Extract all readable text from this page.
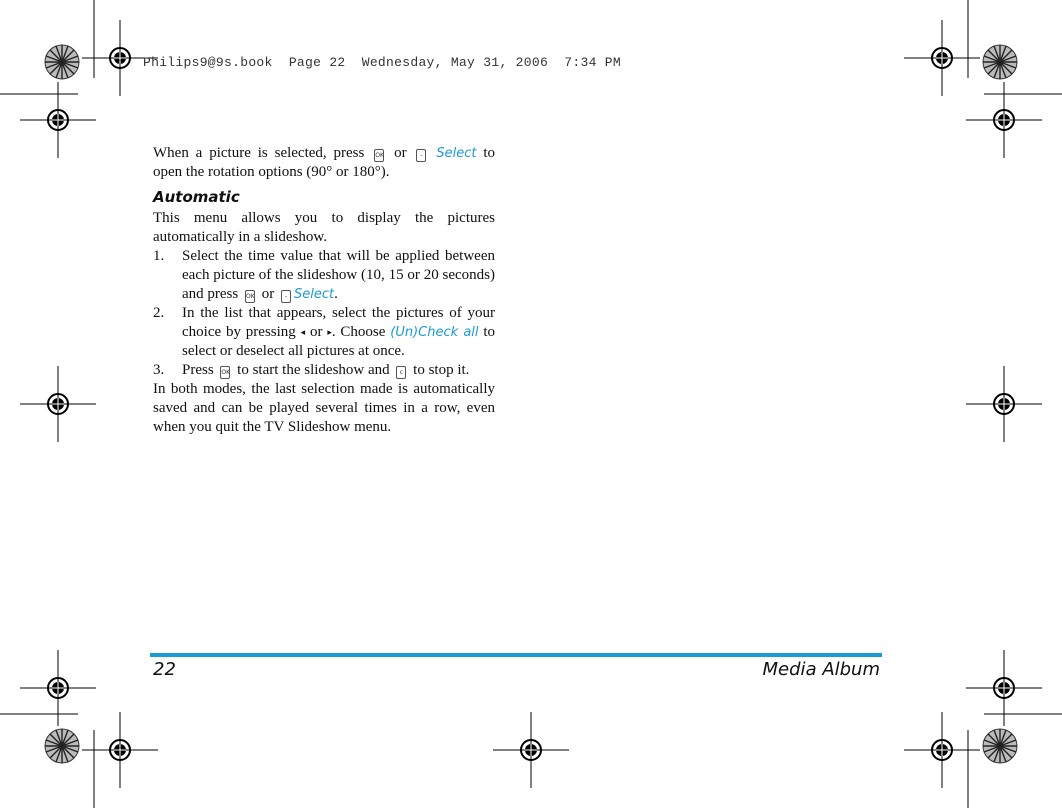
Philips9@9s.book  Page 22  Wednesday, May 31, 2006  7:34 PM

When a picture is selected, press OK or - Select to open the rotation options (90° or 180°).

Automatic

This menu allows you to display the pictures automatically in a slideshow.

1. Select the time value that will be applied between each picture of the slideshow (10, 15 or 20 seconds) and press OK or - Select.
2. In the list that appears, select the pictures of your choice by pressing ◂ or ▸. Choose (Un)Check all to select or deselect all pictures at once.
3. Press OK to start the slideshow and c to stop it.

In both modes, the last selection made is automatically saved and can be played several times in a row, even when you quit the TV Slideshow menu.

22	Media Album
